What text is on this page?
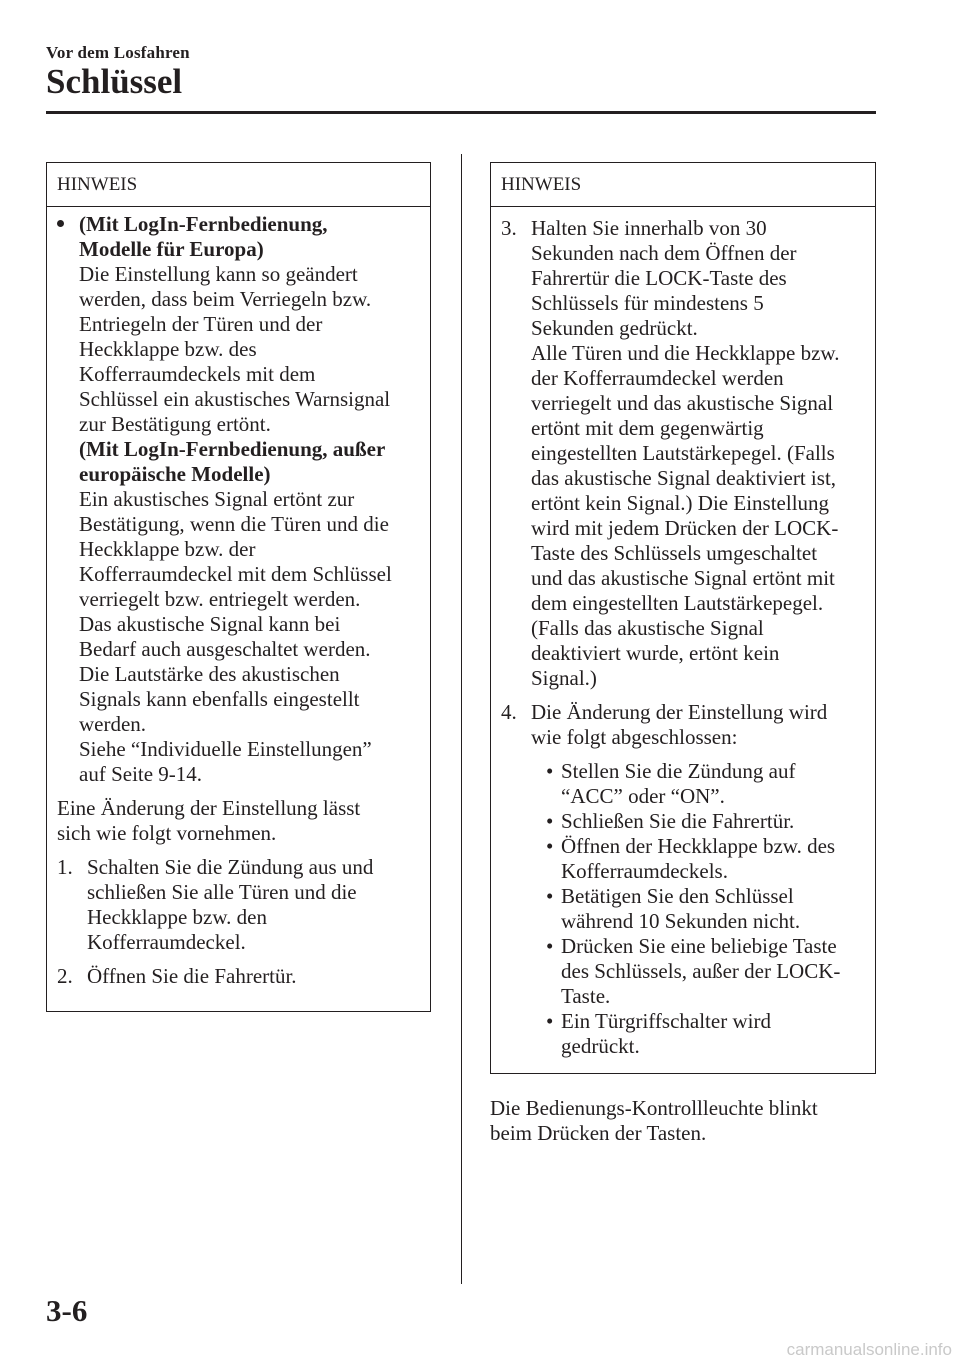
Vor dem Losfahren
Schlüssel
HINWEIS
(Mit LogIn-Fernbedienung,
Modelle für Europa)
Die Einstellung kann so geändert
werden, dass beim Verriegeln bzw.
Entriegeln der Türen und der
Heckklappe bzw. des
Kofferraumdeckels mit dem
Schlüssel ein akustisches Warnsignal
zur Bestätigung ertönt.
(Mit LogIn-Fernbedienung, außer
europäische Modelle)
Ein akustisches Signal ertönt zur
Bestätigung, wenn die Türen und die
Heckklappe bzw. der
Kofferraumdeckel mit dem Schlüssel
verriegelt bzw. entriegelt werden.
Das akustische Signal kann bei
Bedarf auch ausgeschaltet werden.
Die Lautstärke des akustischen
Signals kann ebenfalls eingestellt
werden.
Siehe “Individuelle Einstellungen”
auf Seite 9-14.
Eine Änderung der Einstellung lässt
sich wie folgt vornehmen.
1. Schalten Sie die Zündung aus und
schließen Sie alle Türen und die
Heckklappe bzw. den
Kofferraumdeckel.
2. Öffnen Sie die Fahrertür.
HINWEIS
3. Halten Sie innerhalb von 30
Sekunden nach dem Öffnen der
Fahrertür die LOCK-Taste des
Schlüssels für mindestens 5
Sekunden gedrückt.
Alle Türen und die Heckklappe bzw.
der Kofferraumdeckel werden
verriegelt und das akustische Signal
ertönt mit dem gegenwärtig
eingestellten Lautstärkepegel. (Falls
das akustische Signal deaktiviert ist,
ertönt kein Signal.) Die Einstellung
wird mit jedem Drücken der LOCK-
Taste des Schlüssels umgeschaltet
und das akustische Signal ertönt mit
dem eingestellten Lautstärkepegel.
(Falls das akustische Signal
deaktiviert wurde, ertönt kein
Signal.)
4. Die Änderung der Einstellung wird
wie folgt abgeschlossen:
• Stellen Sie die Zündung auf
“ACC” oder “ON”.
• Schließen Sie die Fahrertür.
• Öffnen der Heckklappe bzw. des
Kofferraumdeckels.
• Betätigen Sie den Schlüssel
während 10 Sekunden nicht.
• Drücken Sie eine beliebige Taste
des Schlüssels, außer der LOCK-
Taste.
• Ein Türgriffschalter wird
gedrückt.
Die Bedienungs-Kontrollleuchte blinkt
beim Drücken der Tasten.
3-6
carmanualsonline.info
